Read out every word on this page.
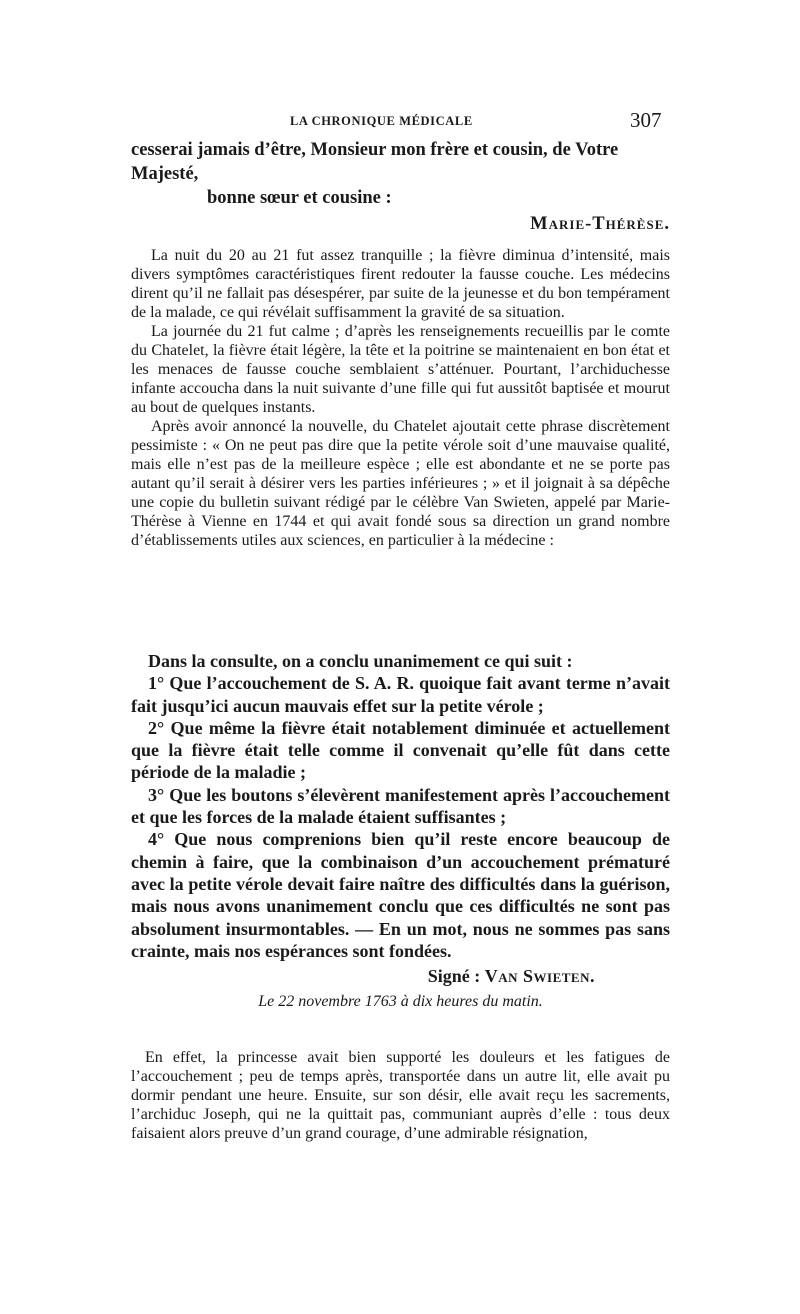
LA CHRONIQUE MÉDICALE	307

cesserai jamais d’être, Monsieur mon frère et cousin, de Votre Majesté,

bonne sœur et cousine :

Marie-Thérèse.

La nuit du 20 au 21 fut assez tranquille ; la fièvre diminua d’intensité, mais divers symptômes caractéristiques firent redouter la fausse couche. Les médecins dirent qu’il ne fallait pas désespérer, par suite de la jeunesse et du bon tempérament de la malade, ce qui révélait suffisamment la gravité de sa situation.

La journée du 21 fut calme ; d’après les renseignements recueillis par le comte du Chatelet, la fièvre était légère, la tête et la poitrine se maintenaient en bon état et les menaces de fausse couche semblaient s’atténuer. Pourtant, l’archiduchesse infante accoucha dans la nuit suivante d’une fille qui fut aussitôt baptisée et mourut au bout de quelques instants.

Après avoir annoncé la nouvelle, du Chatelet ajoutait cette phrase discrètement pessimiste : « On ne peut pas dire que la petite vérole soit d’une mauvaise qualité, mais elle n’est pas de la meilleure espèce ; elle est abondante et ne se porte pas autant qu’il serait à désirer vers les parties inférieures ; » et il joignait à sa dépêche une copie du bulletin suivant rédigé par le célèbre Van Swieten, appelé par Marie-Thérèse à Vienne en 1744 et qui avait fondé sous sa direction un grand nombre d’établissements utiles aux sciences, en particulier à la médecine :

Dans la consulte, on a conclu unanimement ce qui suit :

1° Que l’accouchement de S. A. R. quoique fait avant terme n’avait fait jusqu’ici aucun mauvais effet sur la petite vérole ;

2° Que même la fièvre était notablement diminuée et actuellement que la fièvre était telle comme il convenait qu’elle fût dans cette période de la maladie ;

3° Que les boutons s’élevèrent manifestement après l’accouchement et que les forces de la malade étaient suffisantes ;

4° Que nous comprenions bien qu’il reste encore beaucoup de chemin à faire, que la combinaison d’un accouchement prématuré avec la petite vérole devait faire naître des difficultés dans la guérison, mais nous avons unanimement conclu que ces difficultés ne sont pas absolument insurmontables. — En un mot, nous ne sommes pas sans crainte, mais nos espérances sont fondées.

Signé : Van Swieten.

Le 22 novembre 1763 à dix heures du matin.

En effet, la princesse avait bien supporté les douleurs et les fatigues de l’accouchement ; peu de temps après, transportée dans un autre lit, elle avait pu dormir pendant une heure. Ensuite, sur son désir, elle avait reçu les sacrements, l’archiduc Joseph, qui ne la quittait pas, communiant auprès d’elle : tous deux faisaient alors preuve d’un grand courage, d’une admirable résignation,
